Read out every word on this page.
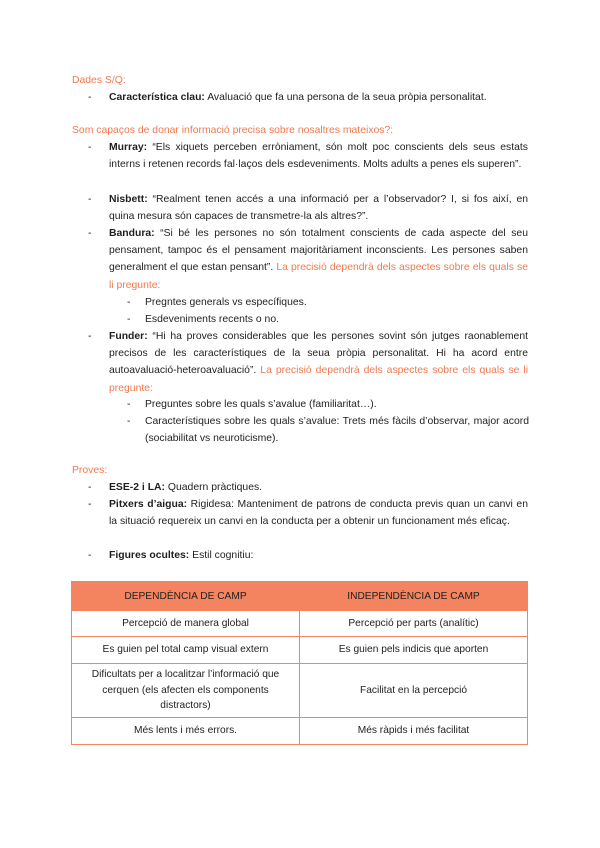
Dades S/Q:
- Característica clau: Avaluació que fa una persona de la seua pròpia personalitat.
Som capaços de donar informació precisa sobre nosaltres mateixos?:
- Murray: “Els xiquets perceben erròniament, són molt poc conscients dels seus estats interns i retenen records fal·laços dels esdeveniments. Molts adults a penes els superen”.
- Nisbett: “Realment tenen accés a una informació per a l’observador? I, si fos així, en quina mesura són capaces de transmetre-la als altres?”.
- Bandura: “Si bé les persones no són totalment conscients de cada aspecte del seu pensament, tampoc és el pensament majoritàriament inconscients. Les persones saben generalment el que estan pensant”. La precisió dependrà dels aspectes sobre els quals se li pregunte:
- Pregntes generals vs específiques.
- Esdeveniments recents o no.
- Funder: “Hi ha proves considerables que les persones sovint són jutges raonablement precisos de les característiques de la seua pròpia personalitat. Hi ha acord entre autoavaluació-heteroavaluació”. La precisió dependrà dels aspectes sobre els quals se li pregunte:
- Preguntes sobre les quals s’avalue (familiaritat…).
- Característiques sobre les quals s’avalue: Trets més fàcils d’observar, major acord (sociabilitat vs neuroticisme).
Proves:
- ESE-2 i LA: Quadern pràctiques.
- Pitxers d’aigua: Rigidesa: Manteniment de patrons de conducta previs quan un canvi en la situació requereix un canvi en la conducta per a obtenir un funcionament més eficaç.
- Figures ocultes: Estil cognitiu:
DEPENDÈNCIA DE CAMP	INDEPENDÈNCIA DE CAMP
Percepció de manera global	Percepció per parts (analític)
Es guien pel total camp visual extern	Es guien pels indicis que aporten
Dificultats per a localitzar l’informació que cerquen (els afecten els components distractors)	Facilitat en la percepció
Més lents i més errors.	Més ràpids i més facilitat
